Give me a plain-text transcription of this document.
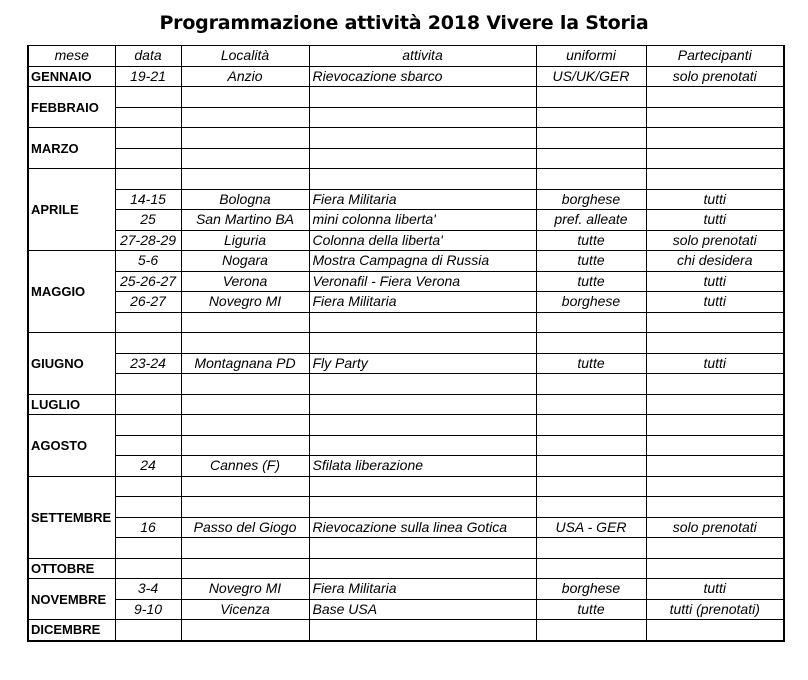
Programmazione attività 2018 Vivere la Storia
mese	data	Località	attivita	uniformi	Partecipanti
GENNAIO	19-21	Anzio	Rievocazione sbarco	US/UK/GER	solo prenotati
FEBBRAIO					

MARZO					

APRILE					
	14-15	Bologna	Fiera Militaria	borghese	tutti
	25	San Martino BA	mini colonna liberta'	pref. alleate	tutti
	27-28-29	Liguria	Colonna della liberta'	tutte	solo prenotati
MAGGIO	5-6	Nogara	Mostra Campagna di Russia	tutte	chi desidera
	25-26-27	Verona	Veronafil - Fiera Verona	tutte	tutti
	26-27	Novegro MI	Fiera Militaria	borghese	tutti

GIUGNO					
	23-24	Montagnana PD	Fly Party	tutte	tutti

LUGLIO					
AGOSTO					

	24	Cannes (F)	Sfilata liberazione		
SETTEMBRE					

	16	Passo del Giogo	Rievocazione sulla linea Gotica	USA - GER	solo prenotati

OTTOBRE					
NOVEMBRE	3-4	Novegro MI	Fiera Militaria	borghese	tutti
	9-10	Vicenza	Base USA	tutte	tutti (prenotati)
DICEMBRE					
